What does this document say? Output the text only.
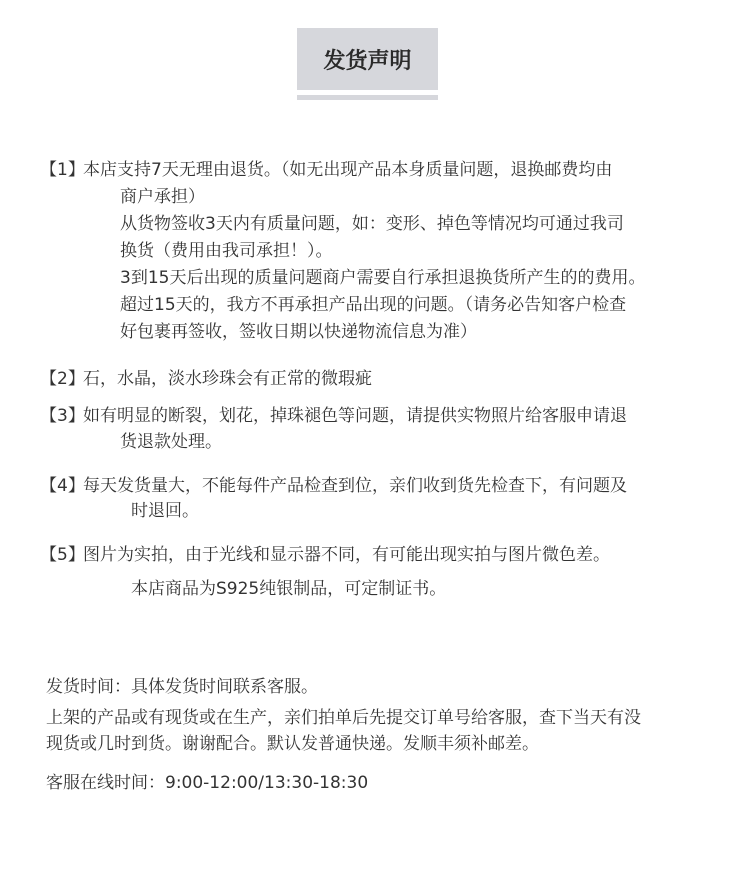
发货声明
【1】
本店支持7天无理由退货。（如无出现产品本身质量问题，退换邮费均由
商户承担）
从货物签收3天内有质量问题，如：变形、掉色等情况均可通过我司
换货（费用由我司承担！）。
3到15天后出现的质量问题商户需要自行承担退换货所产生的的费用。
超过15天的，我方不再承担产品出现的问题。（请务必告知客户检查
好包裹再签收，签收日期以快递物流信息为准）
【2】
石，水晶，淡水珍珠会有正常的微瑕疵
【3】
如有明显的断裂，划花，掉珠褪色等问题，请提供实物照片给客服申请退
货退款处理。
【4】
每天发货量大，不能每件产品检查到位，亲们收到货先检查下，有问题及
时退回。
【5】
图片为实拍，由于光线和显示器不同，有可能出现实拍与图片微色差。
本店商品为S925纯银制品，可定制证书。
发货时间：具体发货时间联系客服。
上架的产品或有现货或在生产，亲们拍单后先提交订单号给客服，查下当天有没
现货或几时到货。谢谢配合。默认发普通快递。发顺丰须补邮差。
客服在线时间：9:00-12:00/13:30-18:30
